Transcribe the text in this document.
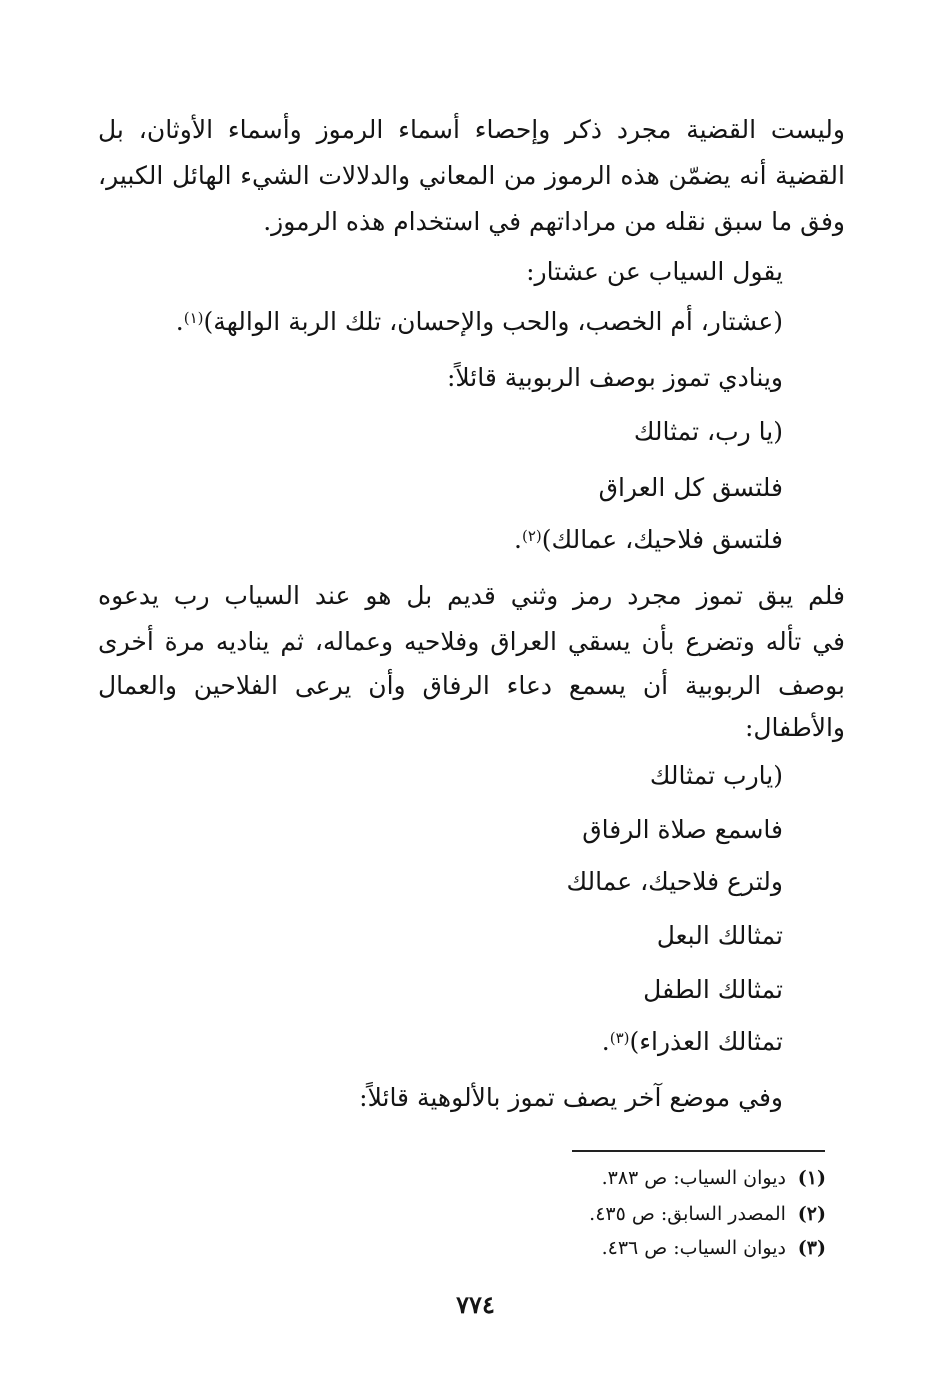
وليست القضية مجرد ذكر وإحصاء أسماء الرموز وأسماء الأوثان، بل
القضية أنه يضمّن هذه الرموز من المعاني والدلالات الشيء الهائل الكبير،
وفق ما سبق نقله من مراداتهم في استخدام هذه الرموز.
يقول السياب عن عشتار:
(عشتار، أم الخصب، والحب والإحسان، تلك الربة الوالهة)$^{(١)}$.
وينادي تموز بوصف الربوبية قائلاً:
(يا رب، تمثالك
فلتسق كل العراق
فلتسق فلاحيك، عمالك)$^{(٢)}$.
فلم يبق تموز مجرد رمز وثني قديم بل هو عند السياب رب يدعوه
في تأله وتضرع بأن يسقي العراق وفلاحيه وعماله، ثم يناديه مرة أخرى
بوصف الربوبية أن يسمع دعاء الرفاق وأن يرعى الفلاحين والعمال
والأطفال:
(يارب تمثالك
فاسمع صلاة الرفاق
ولترع فلاحيك، عمالك
تمثالك البعل
تمثالك الطفل
تمثالك العذراء)$^{(٣)}$.
وفي موضع آخر يصف تموز بالألوهية قائلاً:
(١) ديوان السياب: ص ٣٨٣.
(٢) المصدر السابق: ص ٤٣٥.
(٣) ديوان السياب: ص ٤٣٦.
٧٧٤
